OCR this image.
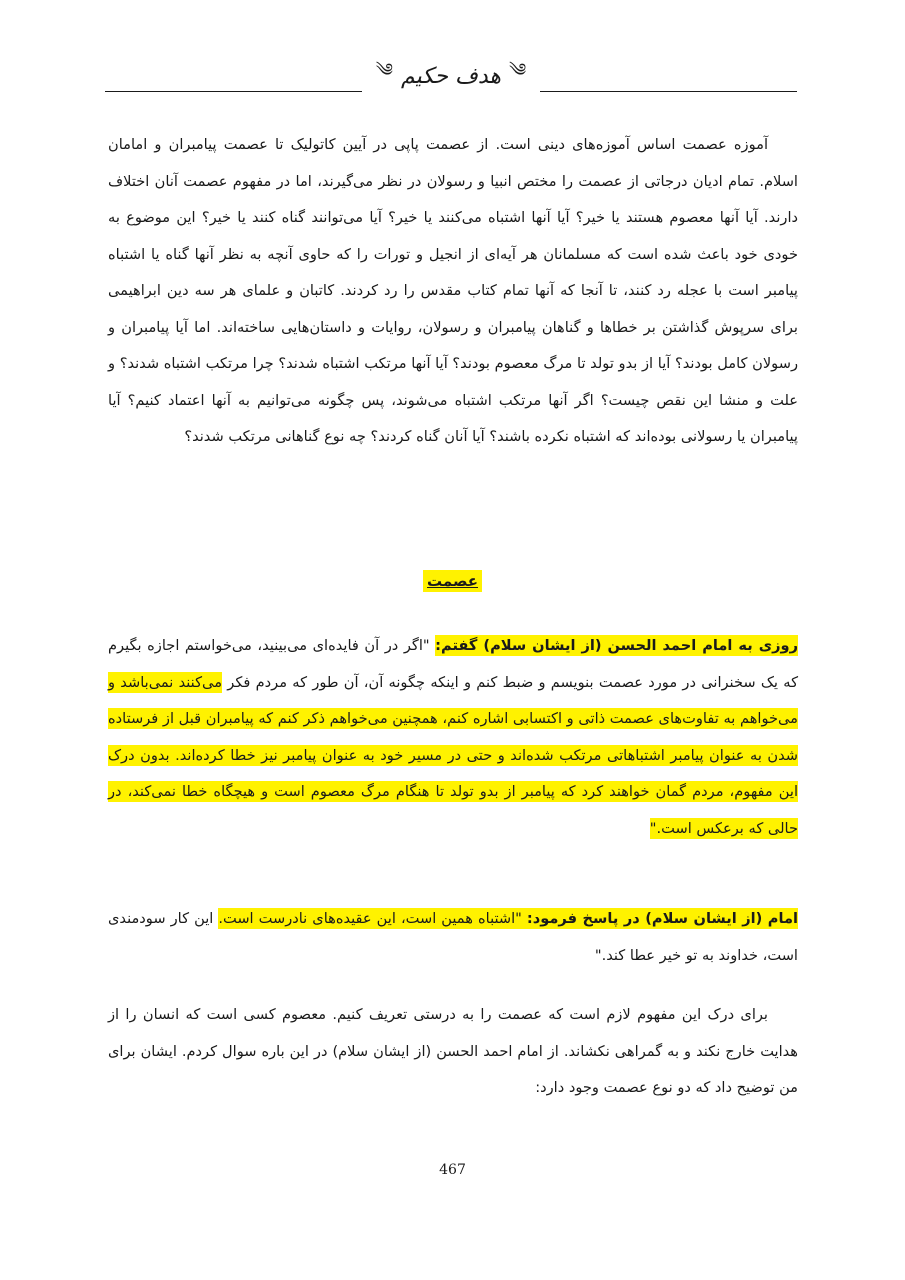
༄
هدف حکیم
༄

آموزه عصمت اساس آموزه‌های دینی است. از عصمت پاپی در آیین کاتولیک تا عصمت پیامبران و امامان اسلام. تمام ادیان درجاتی از عصمت را مختص انبیا و رسولان در نظر می‌گیرند، اما در مفهوم عصمت آنان اختلاف دارند. آیا آنها معصوم هستند یا خیر؟ آیا آنها اشتباه می‌کنند یا خیر؟ آیا می‌توانند گناه کنند یا خیر؟ این موضوع به خودی خود باعث شده است که مسلمانان هر آیه‌ای از انجیل و تورات را که حاوی آنچه به نظر آنها گناه یا اشتباه پیامبر است با عجله رد کنند، تا آنجا که آنها تمام کتاب مقدس را رد کردند. کاتبان و علمای هر سه دین ابراهیمی برای سرپوش گذاشتن بر خطاها و گناهان پیامبران و رسولان، روایات و داستان‌هایی ساخته‌اند. اما آیا پیامبران و رسولان کامل بودند؟ آیا از بدو تولد تا مرگ معصوم بودند؟ آیا آنها مرتکب اشتباه شدند؟ چرا مرتکب اشتباه شدند؟ و علت و منشا این نقص چیست؟ اگر آنها مرتکب اشتباه می‌شوند، پس چگونه می‌توانیم به آنها اعتماد کنیم؟ آیا پیامبران یا رسولانی بوده‌اند که اشتباه نکرده باشند؟ آیا آنان گناه کردند؟ چه نوع گناهانی مرتکب شدند؟

عصمت

روزی به امام احمد الحسن (از ایشان سلام) گفتم: "اگر در آن فایده‌ای می‌بینید، می‌خواستم اجازه بگیرم که یک سخنرانی در مورد عصمت بنویسم و ضبط کنم و اینکه چگونه آن، آن طور که مردم فکر می‌کنند نمی‌باشد و می‌خواهم به تفاوت‌های عصمت ذاتی و اکتسابی اشاره کنم، همچنین می‌خواهم ذکر کنم که پیامبران قبل از فرستاده شدن به عنوان پیامبر اشتباهاتی مرتکب شده‌اند و حتی در مسیر خود به عنوان پیامبر نیز خطا کرده‌اند. بدون درک این مفهوم، مردم گمان خواهند کرد که پیامبر از بدو تولد تا هنگام مرگ معصوم است و هیچگاه خطا نمی‌کند، در حالی که برعکس است."

امام (از ایشان سلام) در پاسخ فرمود: "اشتباه همین است، این عقیده‌های نادرست است. این کار سودمندی است، خداوند به تو خیر عطا کند."

برای درک این مفهوم لازم است که عصمت را به درستی تعریف کنیم. معصوم کسی است که انسان را از هدایت خارج نکند و به گمراهی نکشاند. از امام احمد الحسن (از ایشان سلام) در این باره سوال کردم. ایشان برای من توضیح داد که دو نوع عصمت وجود دارد:

467
